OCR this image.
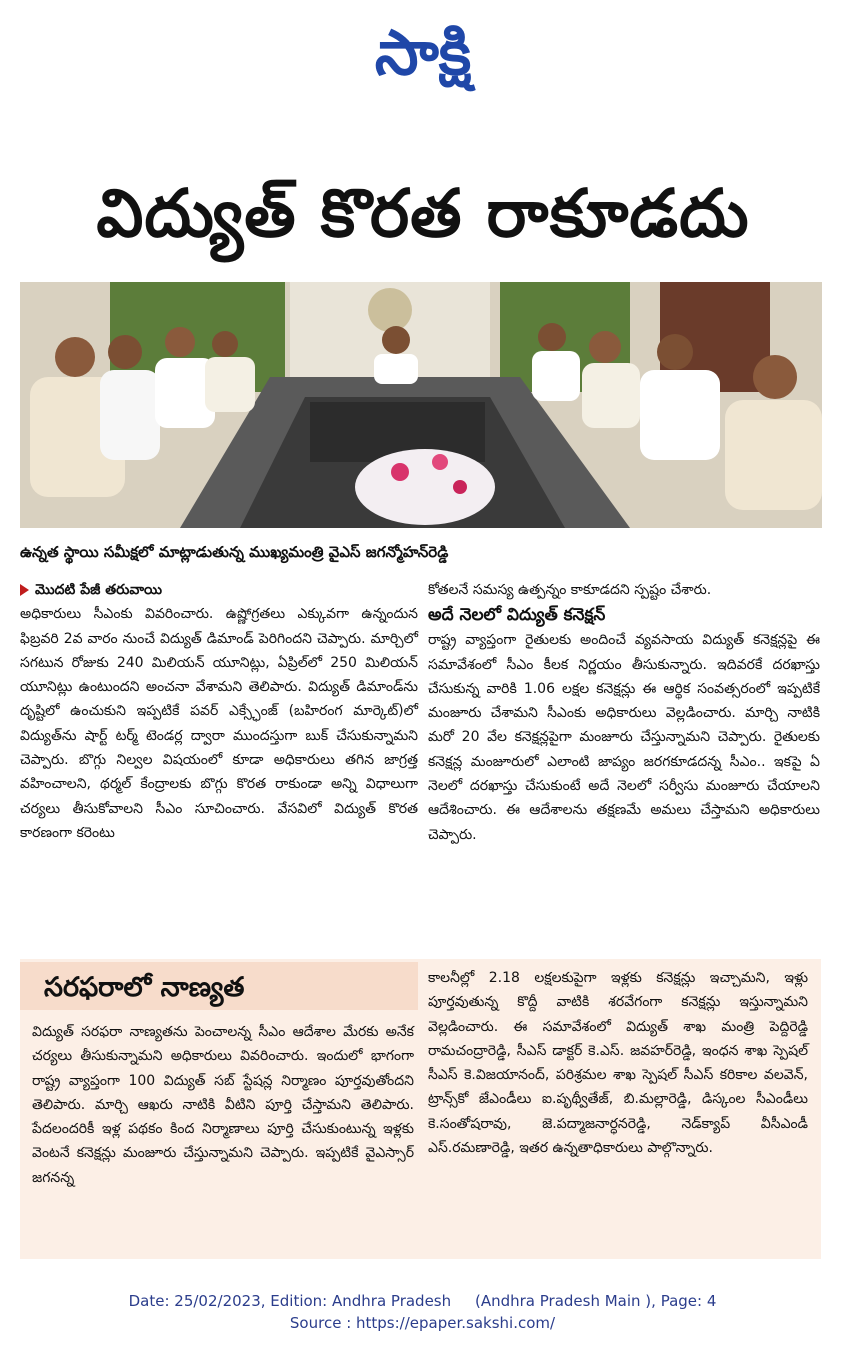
సాక్షి
విద్యుత్ కొరత రాకూడదు
ఉన్నత స్థాయి సమీక్షలో మాట్లాడుతున్న ముఖ్యమంత్రి వైఎస్ జగన్మోహన్‌రెడ్డి
మొదటి పేజీ తరువాయి

అధికారులు సీఎంకు వివరించారు. ఉష్ణోగ్రతలు ఎక్కువగా ఉన్నందున ఫిబ్రవరి 2వ వారం నుంచే విద్యుత్ డిమాండ్ పెరిగిందని చెప్పారు. మార్చిలో సగటున రోజుకు 240 మిలియన్ యూనిట్లు, ఏప్రిల్‌లో 250 మిలియన్ యూనిట్లు ఉంటుందని అంచనా వేశామని తెలిపారు. విద్యుత్ డిమాండ్‌ను దృష్టిలో ఉంచుకుని ఇప్పటికే పవర్ ఎక్స్ఛేంజ్ (బహిరంగ మార్కెట్)లో విద్యుత్‌ను షార్ట్ టర్మ్ టెండర్ల ద్వారా ముందస్తుగా బుక్ చేసుకున్నామని చెప్పారు. బొగ్గు నిల్వల విషయంలో కూడా అధికారులు తగిన జాగ్రత్త వహించాలని, థర్మల్ కేంద్రాలకు బొగ్గు కొరత రాకుండా అన్ని విధాలుగా చర్యలు తీసుకోవాలని సీఎం సూచించారు. వేసవిలో విద్యుత్ కొరత కారణంగా కరెంటు

కోతలనే సమస్య ఉత్పన్నం కాకూడదని స్పష్టం చేశారు.

అదే నెలలో విద్యుత్ కనెక్షన్

రాష్ట్ర వ్యాప్తంగా రైతులకు అందించే వ్యవసాయ విద్యుత్ కనెక్షన్లపై ఈ సమావేశంలో సీఎం కీలక నిర్ణయం తీసుకున్నారు. ఇదివరకే దరఖాస్తు చేసుకున్న వారికి 1.06 లక్షల కనెక్షన్లు ఈ ఆర్థిక సంవత్సరంలో ఇప్పటికే మంజూరు చేశామని సీఎంకు అధికారులు వెల్లడించారు. మార్చి నాటికి మరో 20 వేల కనెక్షన్లపైగా మంజూరు చేస్తున్నామని చెప్పారు. రైతులకు కనెక్షన్ల మంజూరులో ఎలాంటి జాప్యం జరగకూడదన్న సీఎం.. ఇకపై ఏ నెలలో దరఖాస్తు చేసుకుంటే అదే నెలలో సర్వీసు మంజూరు చేయాలని ఆదేశించారు. ఈ ఆదేశాలను తక్షణమే అమలు చేస్తామని అధికారులు చెప్పారు.

సరఫరాలో నాణ్యత

విద్యుత్ సరఫరా నాణ్యతను పెంచాలన్న సీఎం ఆదేశాల మేరకు అనేక చర్యలు తీసుకున్నామని అధికారులు వివరించారు. ఇందులో భాగంగా రాష్ట్ర వ్యాప్తంగా 100 విద్యుత్ సబ్ స్టేషన్ల నిర్మాణం పూర్తవుతోందని తెలిపారు. మార్చి ఆఖరు నాటికి వీటిని పూర్తి చేస్తామని తెలిపారు. పేదలందరికీ ఇళ్ల పథకం కింద నిర్మాణాలు పూర్తి చేసుకుంటున్న ఇళ్లకు వెంటనే కనెక్షన్లు మంజూరు చేస్తున్నామని చెప్పారు. ఇప్పటికే వైఎస్సార్ జగనన్న

కాలనీల్లో 2.18 లక్షలకుపైగా ఇళ్లకు కనెక్షన్లు ఇచ్చామని, ఇళ్లు పూర్తవుతున్న కొద్దీ వాటికి శరవేగంగా కనెక్షన్లు ఇస్తున్నామని వెల్లడించారు. ఈ సమావేశంలో విద్యుత్ శాఖ మంత్రి పెద్దిరెడ్డి రామచంద్రారెడ్డి, సీఎస్ డాక్టర్ కె.ఎస్. జవహర్‌రెడ్డి, ఇంధన శాఖ స్పెషల్ సీఎస్ కె.విజయానంద్, పరిశ్రమల శాఖ స్పెషల్ సీఎస్ కరికాల వలవెన్, ట్రాన్స్‌కో జేఎండీలు ఐ.పృథ్వీతేజ్, బి.మల్లారెడ్డి, డిస్కంల సీఎండీలు కె.సంతోషరావు, జె.పద్మాజనార్ధనరెడ్డి, నెడ్‌క్యాప్ వీసీఎండీ ఎస్.రమణారెడ్డి, ఇతర ఉన్నతాధికారులు పాల్గొన్నారు.

Date: 25/02/2023, Edition: Andhra Pradesh     (Andhra Pradesh Main ), Page: 4
Source : https://epaper.sakshi.com/
